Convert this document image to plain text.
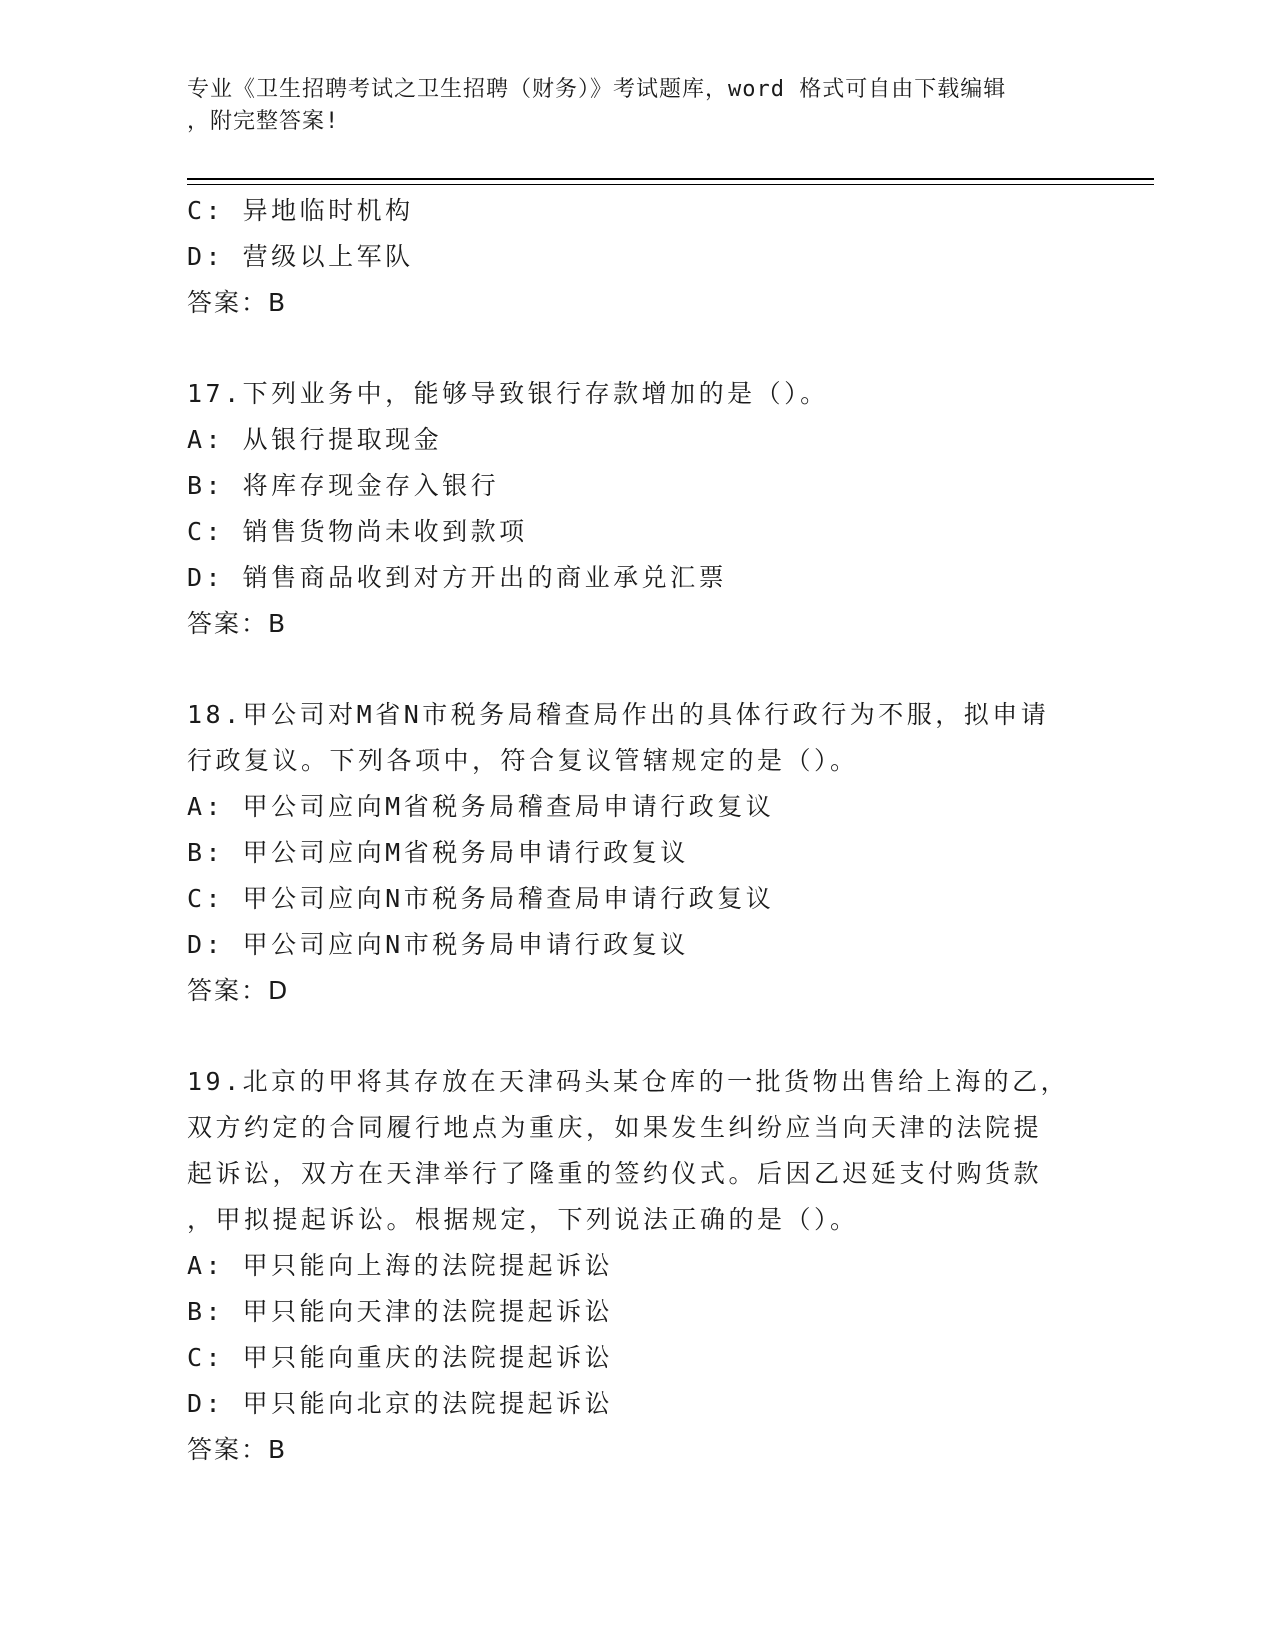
专业《卫生招聘考试之卫生招聘（财务）》考试题库，word 格式可自由下载编辑
，附完整答案!
C: 异地临时机构
D: 营级以上军队
答案：B
17.下列业务中，能够导致银行存款增加的是（）。
A: 从银行提取现金
B: 将库存现金存入银行
C: 销售货物尚未收到款项
D: 销售商品收到对方开出的商业承兑汇票
答案：B
18.甲公司对M省N市税务局稽查局作出的具体行政行为不服，拟申请
行政复议。下列各项中，符合复议管辖规定的是（）。
A: 甲公司应向M省税务局稽查局申请行政复议
B: 甲公司应向M省税务局申请行政复议
C: 甲公司应向N市税务局稽查局申请行政复议
D: 甲公司应向N市税务局申请行政复议
答案：D
19.北京的甲将其存放在天津码头某仓库的一批货物出售给上海的乙，
双方约定的合同履行地点为重庆，如果发生纠纷应当向天津的法院提
起诉讼，双方在天津举行了隆重的签约仪式。后因乙迟延支付购货款
，甲拟提起诉讼。根据规定，下列说法正确的是（）。
A: 甲只能向上海的法院提起诉讼
B: 甲只能向天津的法院提起诉讼
C: 甲只能向重庆的法院提起诉讼
D: 甲只能向北京的法院提起诉讼
答案：B
